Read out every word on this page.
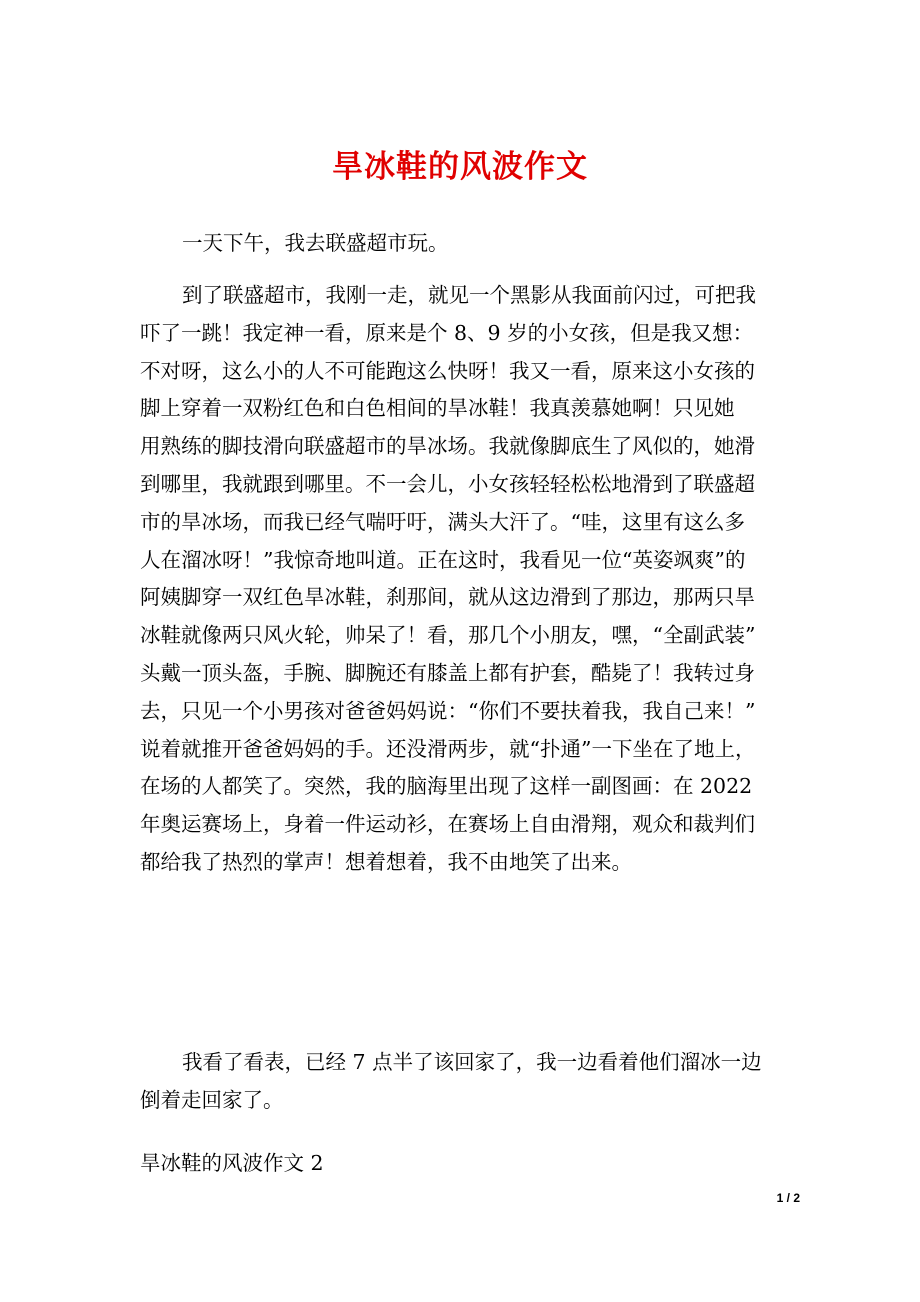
旱冰鞋的风波作文
一天下午，我去联盛超市玩。
到了联盛超市，我刚一走，就见一个黑影从我面前闪过，可把我
吓了一跳！我定神一看，原来是个 8、9 岁的小女孩，但是我又想：
不对呀，这么小的人不可能跑这么快呀！我又一看，原来这小女孩的
脚上穿着一双粉红色和白色相间的旱冰鞋！我真羡慕她啊！只见她
用熟练的脚技滑向联盛超市的旱冰场。我就像脚底生了风似的，她滑
到哪里，我就跟到哪里。不一会儿，小女孩轻轻松松地滑到了联盛超
市的旱冰场，而我已经气喘吁吁，满头大汗了。“哇，这里有这么多
人在溜冰呀！”我惊奇地叫道。正在这时，我看见一位“英姿飒爽”的
阿姨脚穿一双红色旱冰鞋，刹那间，就从这边滑到了那边，那两只旱
冰鞋就像两只风火轮，帅呆了！看，那几个小朋友，嘿，“全副武装”
头戴一顶头盔，手腕、脚腕还有膝盖上都有护套，酷毙了！我转过身
去，只见一个小男孩对爸爸妈妈说：“你们不要扶着我，我自己来！”
说着就推开爸爸妈妈的手。还没滑两步，就“扑通”一下坐在了地上，
在场的人都笑了。突然，我的脑海里出现了这样一副图画：在 2022
年奥运赛场上，身着一件运动衫，在赛场上自由滑翔，观众和裁判们
都给我了热烈的掌声！想着想着，我不由地笑了出来。
我看了看表，已经 7 点半了该回家了，我一边看着他们溜冰一边
倒着走回家了。
旱冰鞋的风波作文 2
1 / 2
